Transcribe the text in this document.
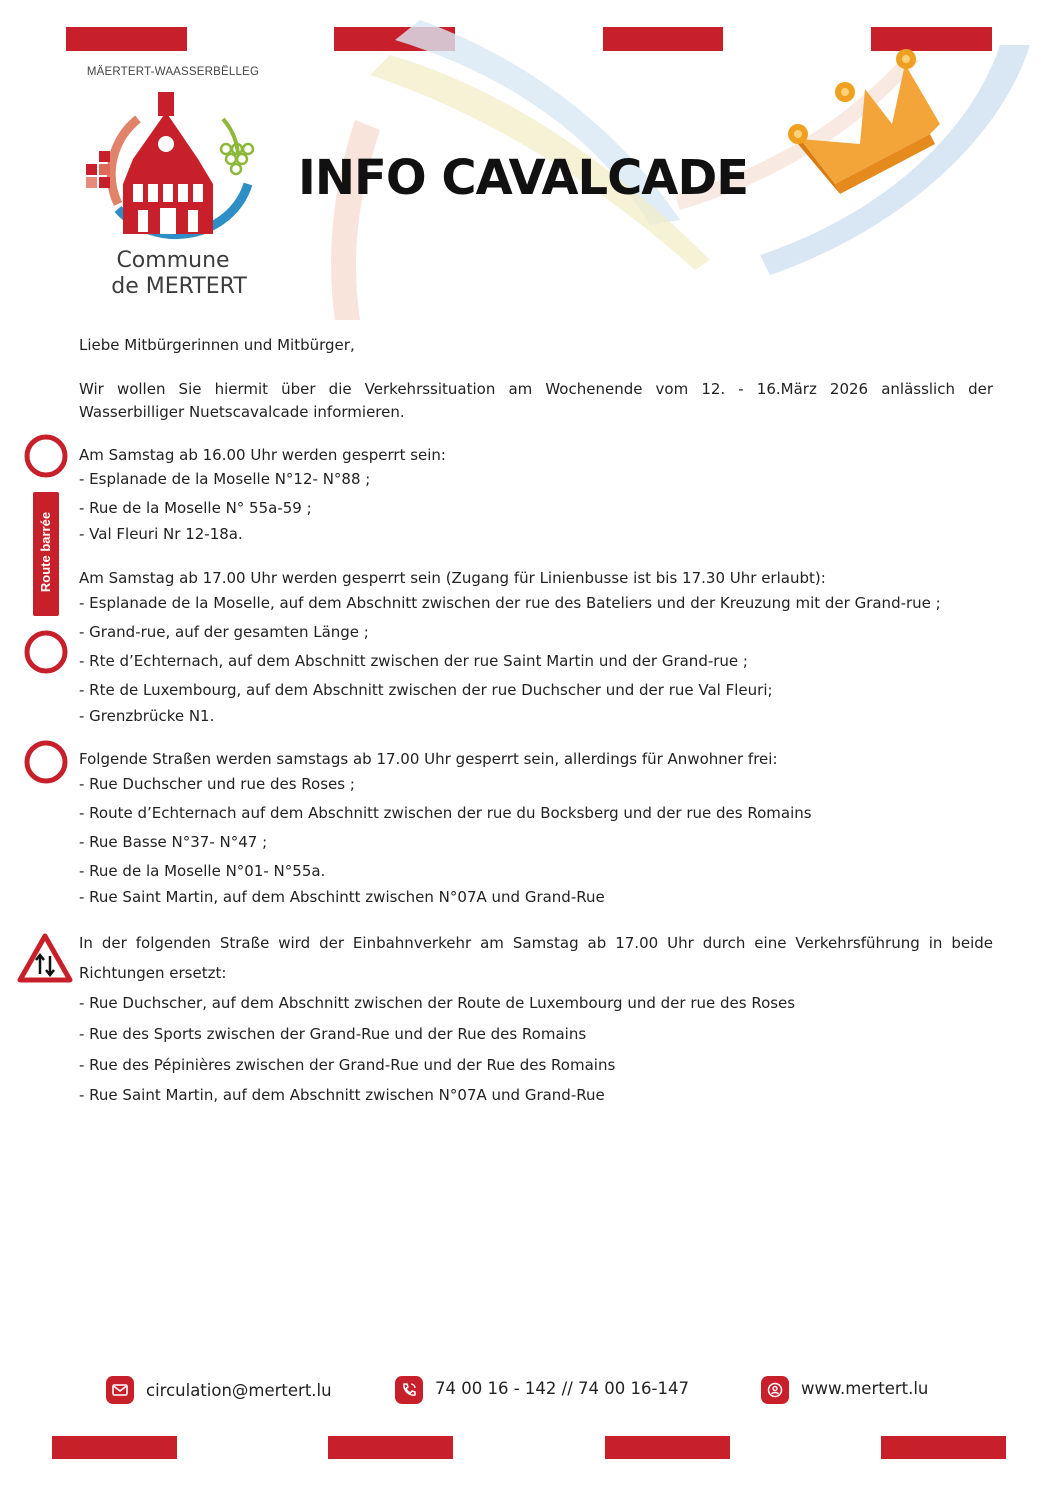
MÄERTERT-WAASSERBËLLEG
Commune
de MERTERT
INFO CAVALCADE
Route barrée
Liebe Mitbürgerinnen und Mitbürger,
Wir wollen Sie hiermit über die Verkehrssituation am Wochenende vom 12. - 16.März 2026 anlässlich der
Wasserbilliger Nuetscavalcade informieren.
Am Samstag ab 16.00 Uhr werden gesperrt sein:
- Esplanade de la Moselle N°12- N°88 ;
- Rue de la Moselle N° 55a-59 ;
- Val Fleuri Nr 12-18a.
Am Samstag ab 17.00 Uhr werden gesperrt sein (Zugang für Linienbusse ist bis 17.30 Uhr erlaubt):
- Esplanade de la Moselle, auf dem Abschnitt zwischen der rue des Bateliers und der Kreuzung mit der Grand-rue ;
- Grand-rue, auf der gesamten Länge ;
- Rte d’Echternach, auf dem Abschnitt zwischen der rue Saint Martin und der Grand-rue ;
- Rte de Luxembourg, auf dem Abschnitt zwischen der rue Duchscher und der rue Val Fleuri;
- Grenzbrücke N1.
Folgende Straßen werden samstags ab 17.00 Uhr gesperrt sein, allerdings für Anwohner frei:
- Rue Duchscher und rue des Roses ;
- Route d’Echternach auf dem Abschnitt zwischen der rue du Bocksberg und der rue des Romains
- Rue Basse N°37- N°47 ;
- Rue de la Moselle N°01- N°55a.
- Rue Saint Martin, auf dem Abschintt zwischen N°07A und Grand-Rue
In der folgenden Straße wird der Einbahnverkehr am Samstag ab 17.00 Uhr durch eine Verkehrsführung in beide
Richtungen ersetzt:
- Rue Duchscher, auf dem Abschnitt zwischen der Route de Luxembourg und der rue des Roses
- Rue des Sports zwischen der Grand-Rue und der Rue des Romains
- Rue des Pépinières zwischen der Grand-Rue und der Rue des Romains
- Rue Saint Martin, auf dem Abschnitt zwischen N°07A und Grand-Rue
circulation@mertert.lu	74 00 16 - 142 // 74 00 16-147	www.mertert.lu
